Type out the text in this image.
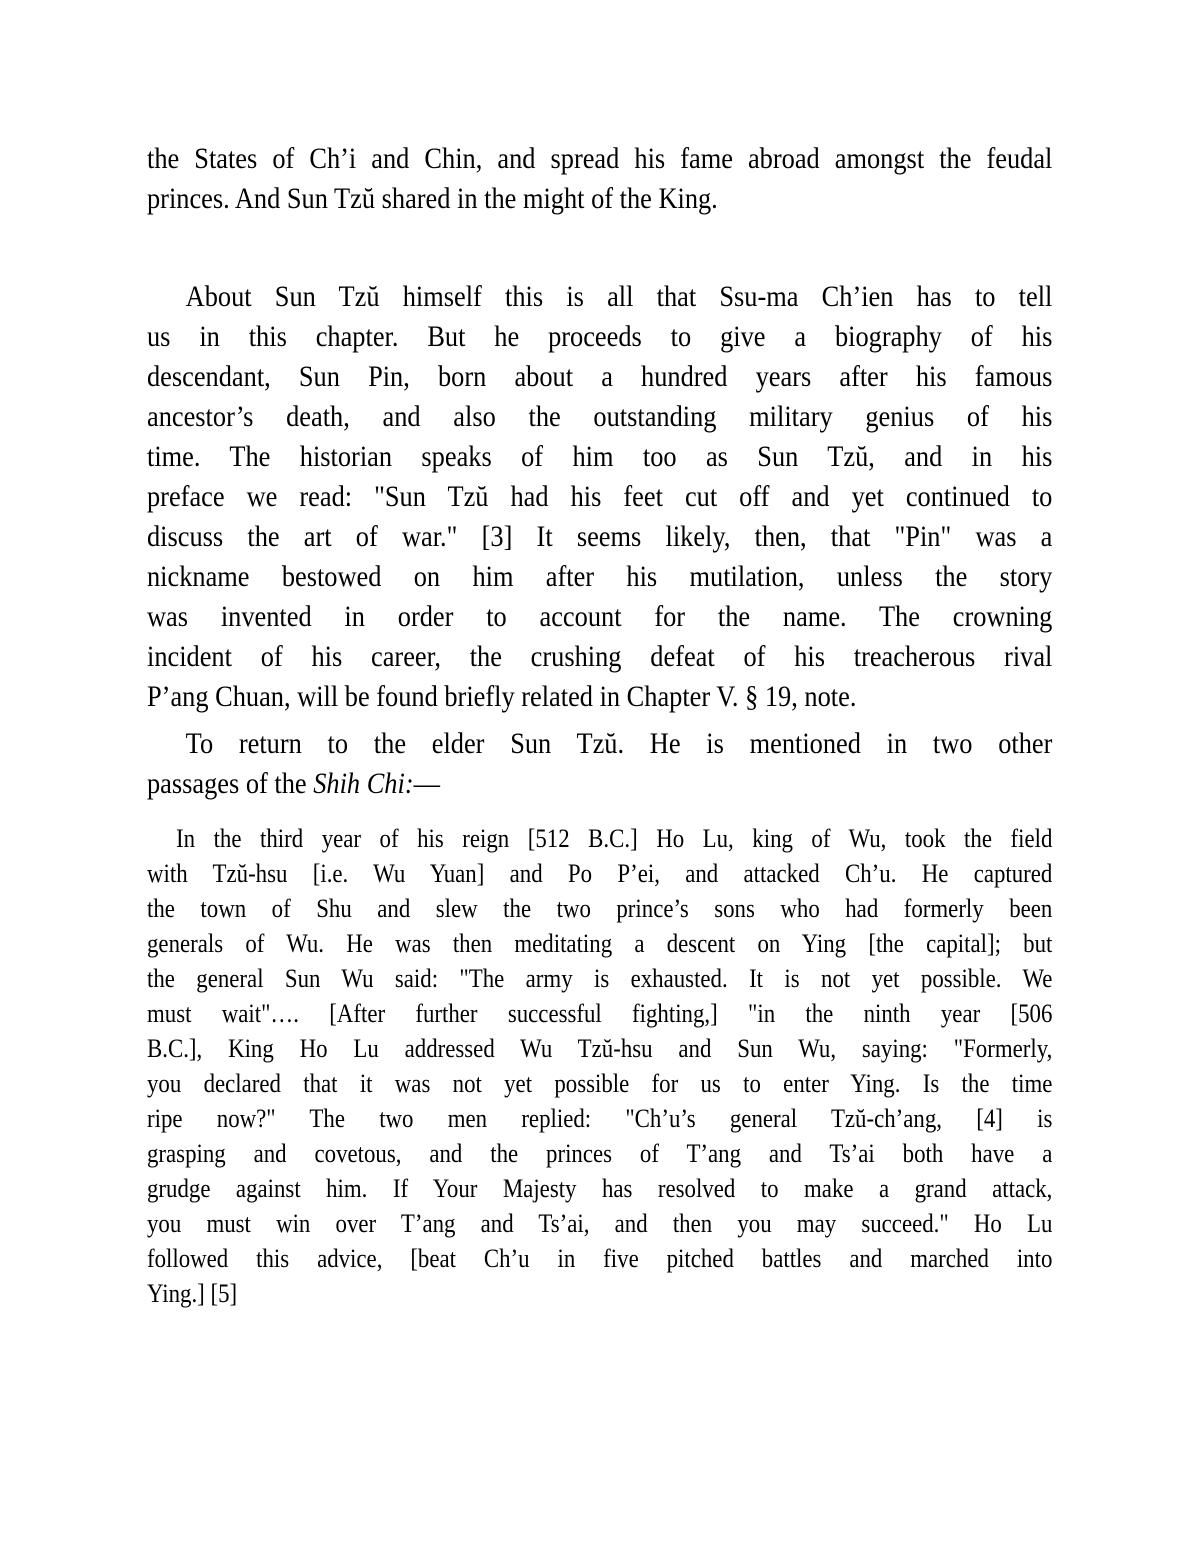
the States of Ch’i and Chin, and spread his fame abroad amongst the feudal
princes. And Sun Tzŭ shared in the might of the King.
About Sun Tzŭ himself this is all that Ssu-ma Ch’ien has to tell
us in this chapter. But he proceeds to give a biography of his
descendant, Sun Pin, born about a hundred years after his famous
ancestor’s death, and also the outstanding military genius of his
time. The historian speaks of him too as Sun Tzŭ, and in his
preface we read: "Sun Tzŭ had his feet cut off and yet continued to
discuss the art of war." [3] It seems likely, then, that "Pin" was a
nickname bestowed on him after his mutilation, unless the story
was invented in order to account for the name. The crowning
incident of his career, the crushing defeat of his treacherous rival
P’ang Chuan, will be found briefly related in Chapter V. § 19, note.
To return to the elder Sun Tzŭ. He is mentioned in two other
passages of the Shih Chi:—
In the third year of his reign [512 B.C.] Ho Lu, king of Wu, took the field
with Tzŭ-hsu [i.e. Wu Yuan] and Po P’ei, and attacked Ch’u. He captured
the town of Shu and slew the two prince’s sons who had formerly been
generals of Wu. He was then meditating a descent on Ying [the capital]; but
the general Sun Wu said: "The army is exhausted. It is not yet possible. We
must wait"…. [After further successful fighting,] "in the ninth year [506
B.C.], King Ho Lu addressed Wu Tzŭ-hsu and Sun Wu, saying: "Formerly,
you declared that it was not yet possible for us to enter Ying. Is the time
ripe now?" The two men replied: "Ch’u’s general Tzŭ-ch’ang, [4] is
grasping and covetous, and the princes of T’ang and Ts’ai both have a
grudge against him. If Your Majesty has resolved to make a grand attack,
you must win over T’ang and Ts’ai, and then you may succeed." Ho Lu
followed this advice, [beat Ch’u in five pitched battles and marched into
Ying.] [5]
